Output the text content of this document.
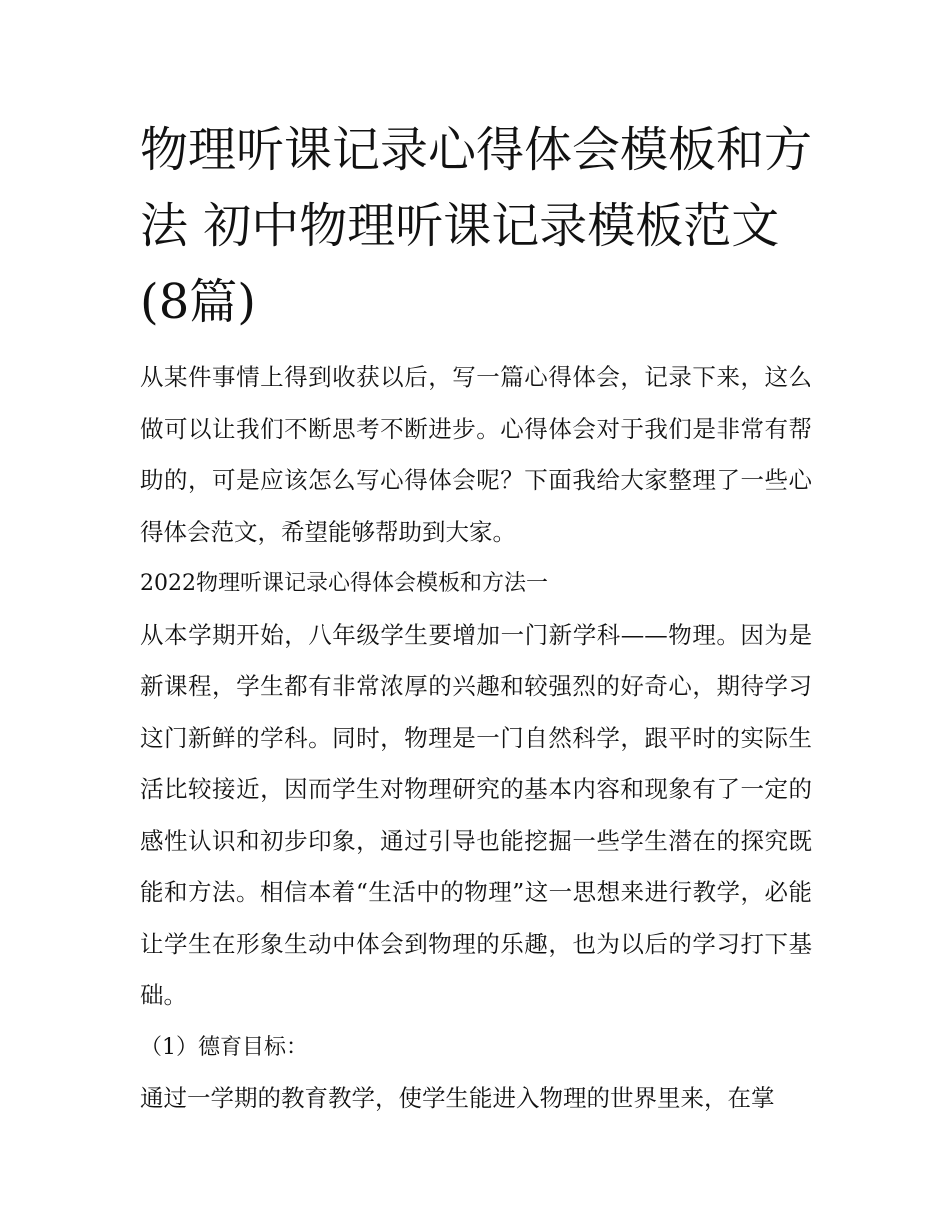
物理听课记录心得体会模板和方法 初中物理听课记录模板范文(8篇)

从某件事情上得到收获以后，写一篇心得体会，记录下来，这么做可以让我们不断思考不断进步。心得体会对于我们是非常有帮助的，可是应该怎么写心得体会呢？下面我给大家整理了一些心得体会范文，希望能够帮助到大家。

2022物理听课记录心得体会模板和方法一

从本学期开始，八年级学生要增加一门新学科——物理。因为是新课程，学生都有非常浓厚的兴趣和较强烈的好奇心，期待学习这门新鲜的学科。同时，物理是一门自然科学，跟平时的实际生活比较接近，因而学生对物理研究的基本内容和现象有了一定的感性认识和初步印象，通过引导也能挖掘一些学生潜在的探究既能和方法。相信本着“生活中的物理”这一思想来进行教学，必能让学生在形象生动中体会到物理的乐趣，也为以后的学习打下基础。

（1）德育目标：

通过一学期的教育教学，使学生能进入物理的世界里来，在掌
